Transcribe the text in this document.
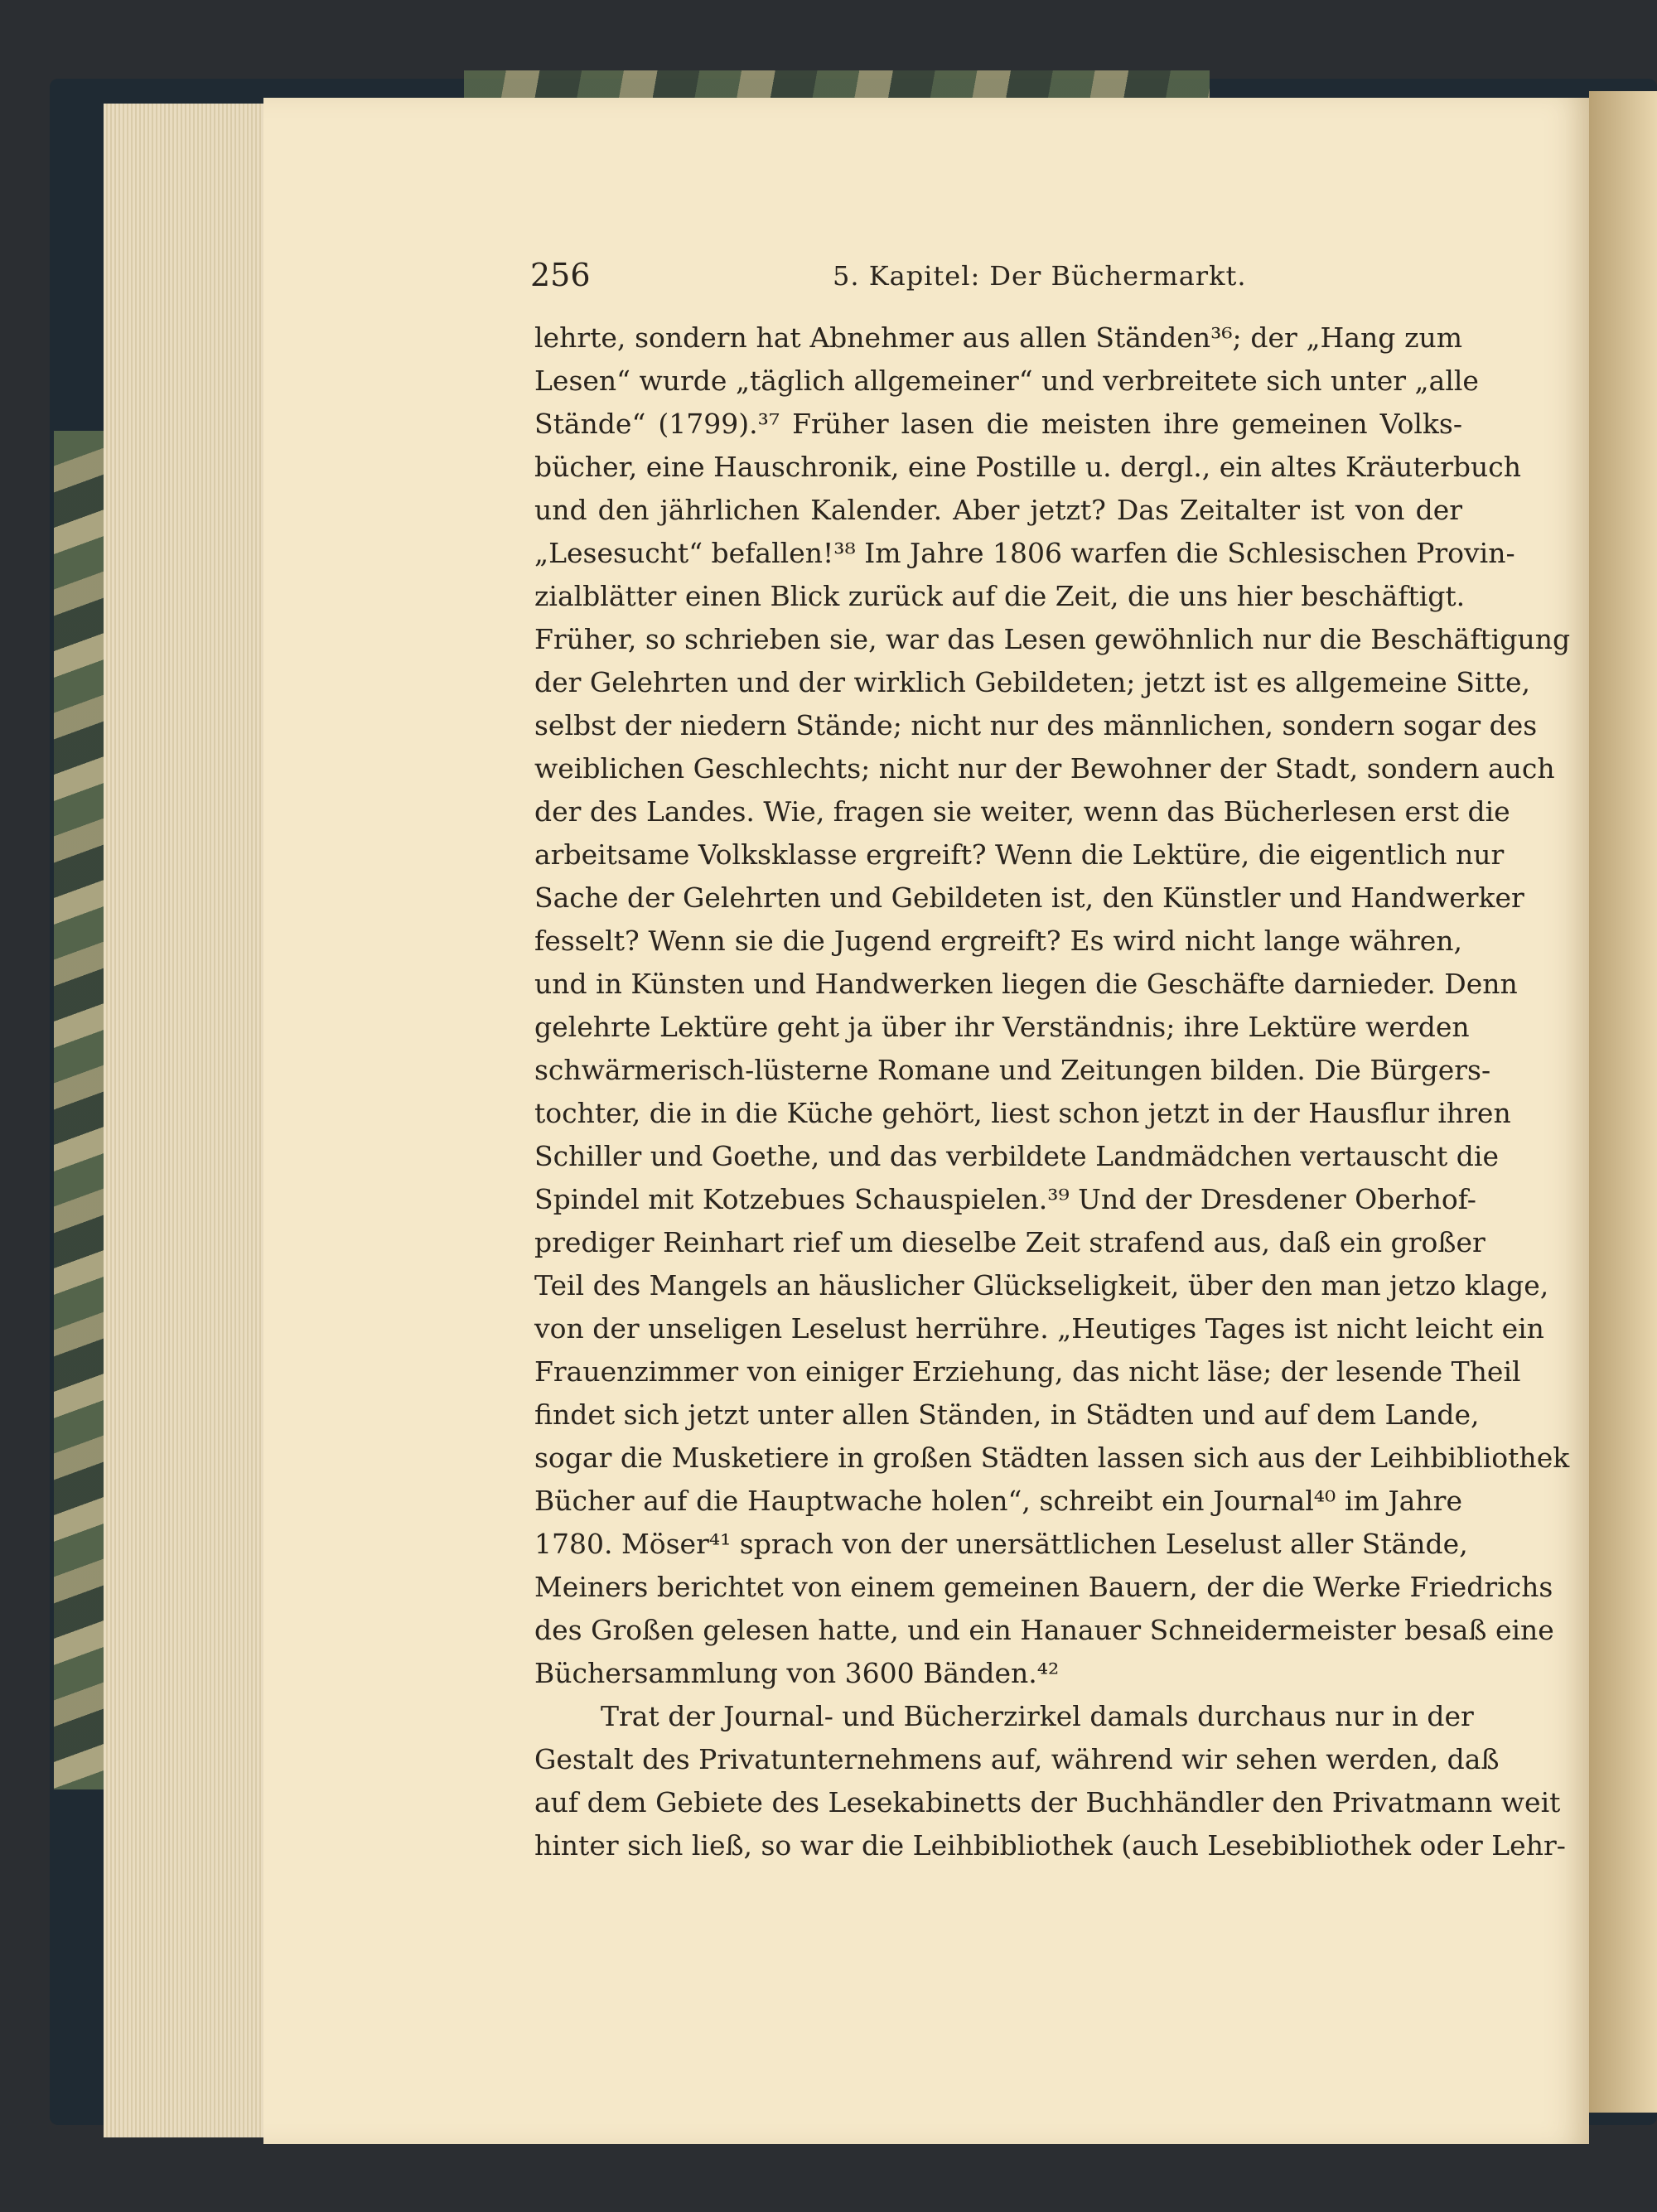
256	5. Kapitel: Der Büchermarkt.
lehrte, sondern hat Abnehmer aus allen Ständen³⁶; der „Hang zum
Lesen“ wurde „täglich allgemeiner“ und verbreitete sich unter „alle
Stände“ (1799).³⁷ Früher lasen die meisten ihre gemeinen Volks-
bücher, eine Hauschronik, eine Postille u. dergl., ein altes Kräuterbuch
und den jährlichen Kalender. Aber jetzt? Das Zeitalter ist von der
„Lesesucht“ befallen!³⁸ Im Jahre 1806 warfen die Schlesischen Provin-
zialblätter einen Blick zurück auf die Zeit, die uns hier beschäftigt.
Früher, so schrieben sie, war das Lesen gewöhnlich nur die Beschäftigung
der Gelehrten und der wirklich Gebildeten; jetzt ist es allgemeine Sitte,
selbst der niedern Stände; nicht nur des männlichen, sondern sogar des
weiblichen Geschlechts; nicht nur der Bewohner der Stadt, sondern auch
der des Landes. Wie, fragen sie weiter, wenn das Bücherlesen erst die
arbeitsame Volksklasse ergreift? Wenn die Lektüre, die eigentlich nur
Sache der Gelehrten und Gebildeten ist, den Künstler und Handwerker
fesselt? Wenn sie die Jugend ergreift? Es wird nicht lange währen,
und in Künsten und Handwerken liegen die Geschäfte darnieder. Denn
gelehrte Lektüre geht ja über ihr Verständnis; ihre Lektüre werden
schwärmerisch-lüsterne Romane und Zeitungen bilden. Die Bürgers-
tochter, die in die Küche gehört, liest schon jetzt in der Hausflur ihren
Schiller und Goethe, und das verbildete Landmädchen vertauscht die
Spindel mit Kotzebues Schauspielen.³⁹ Und der Dresdener Oberhof-
prediger Reinhart rief um dieselbe Zeit strafend aus, daß ein großer
Teil des Mangels an häuslicher Glückseligkeit, über den man jetzo klage,
von der unseligen Leselust herrühre. „Heutiges Tages ist nicht leicht ein
Frauenzimmer von einiger Erziehung, das nicht läse; der lesende Theil
findet sich jetzt unter allen Ständen, in Städten und auf dem Lande,
sogar die Musketiere in großen Städten lassen sich aus der Leihbibliothek
Bücher auf die Hauptwache holen“, schreibt ein Journal⁴⁰ im Jahre
1780. Möser⁴¹ sprach von der unersättlichen Leselust aller Stände,
Meiners berichtet von einem gemeinen Bauern, der die Werke Friedrichs
des Großen gelesen hatte, und ein Hanauer Schneidermeister besaß eine
Büchersammlung von 3600 Bänden.⁴²
Trat der Journal- und Bücherzirkel damals durchaus nur in der
Gestalt des Privatunternehmens auf, während wir sehen werden, daß
auf dem Gebiete des Lesekabinetts der Buchhändler den Privatmann weit
hinter sich ließ, so war die Leihbibliothek (auch Lesebibliothek oder Lehr-
